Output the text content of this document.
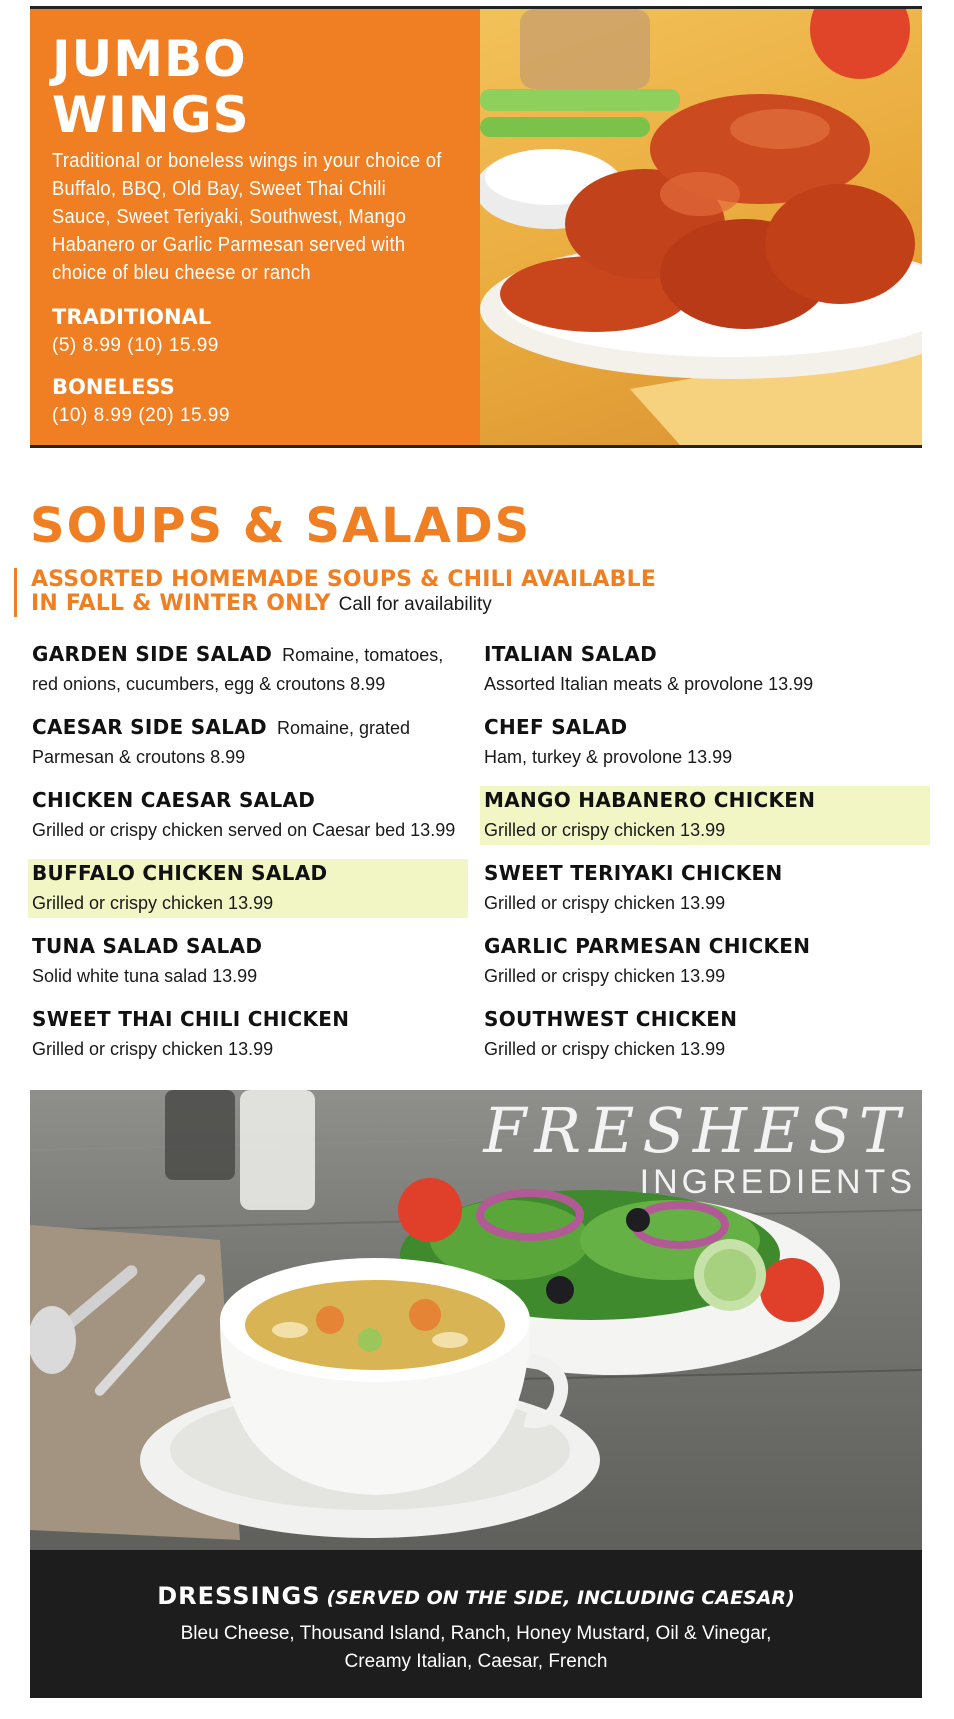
JUMBO WINGS

Traditional or boneless wings in your choice of Buffalo, BBQ, Old Bay, Sweet Thai Chili Sauce, Sweet Teriyaki, Southwest, Mango Habanero or Garlic Parmesan served with choice of bleu cheese or ranch

TRADITIONAL

(5) 8.99 (10) 15.99

BONELESS

(10) 8.99 (20) 15.99

SOUPS & SALADS

ASSORTED HOMEMADE SOUPS & CHILI AVAILABLE

IN FALL & WINTER ONLY Call for availability

GARDEN SIDE SALAD Romaine, tomatoes, red onions, cucumbers, egg & croutons 8.99

CAESAR SIDE SALAD Romaine, grated Parmesan & croutons 8.99

CHICKEN CAESAR SALAD
Grilled or crispy chicken served on Caesar bed 13.99

BUFFALO CHICKEN SALAD
Grilled or crispy chicken 13.99

TUNA SALAD SALAD
Solid white tuna salad 13.99

SWEET THAI CHILI CHICKEN
Grilled or crispy chicken 13.99

ITALIAN SALAD
Assorted Italian meats & provolone 13.99

CHEF SALAD
Ham, turkey & provolone 13.99

MANGO HABANERO CHICKEN
Grilled or crispy chicken 13.99

SWEET TERIYAKI CHICKEN
Grilled or crispy chicken 13.99

GARLIC PARMESAN CHICKEN
Grilled or crispy chicken 13.99

SOUTHWEST CHICKEN
Grilled or crispy chicken 13.99

FRESHEST

INGREDIENTS

DRESSINGS (SERVED ON THE SIDE, INCLUDING CAESAR)

Bleu Cheese, Thousand Island, Ranch, Honey Mustard, Oil & Vinegar, Creamy Italian, Caesar, French
